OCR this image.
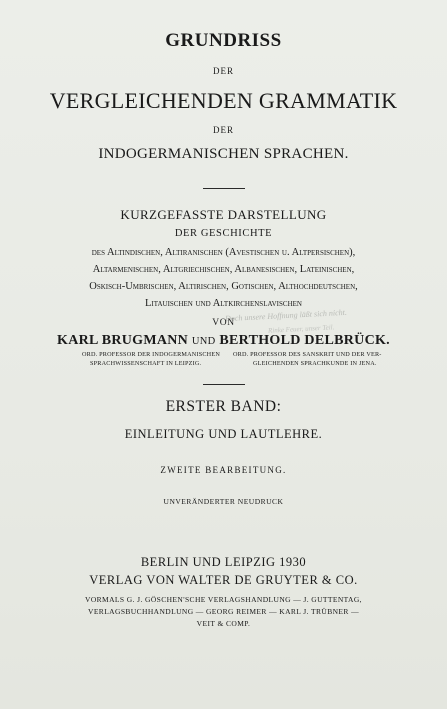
GRUNDRISS
DER
VERGLEICHENDEN GRAMMATIK
DER
INDOGERMANISCHEN SPRACHEN.
KURZGEFASSTE DARSTELLUNG
DER GESCHICHTE
des Altindischen, Altiranischen (Avestischen u. Altpersischen),
Altarmenischen, Altgriechischen, Albanesischen, Lateinischen,
Oskisch-Umbrischen, Altirischen, Gotischen, Althochdeutschen,
Litauischen und Altkirchenslavischen
Doch unsere Hoffnung läßt sich nicht.
Rinke Feuer, unser Teil.
VON
KARL BRUGMANN UND BERTHOLD DELBRÜCK.
ORD. PROFESSOR DER INDOGERMANISCHEN
SPRACHWISSENSCHAFT IN LEIPZIG.
ORD. PROFESSOR DES SANSKRIT UND DER VER-
GLEICHENDEN SPRACHKUNDE IN JENA.
ERSTER BAND:
EINLEITUNG UND LAUTLEHRE.
ZWEITE BEARBEITUNG.
UNVERÄNDERTER NEUDRUCK
BERLIN UND LEIPZIG 1930
VERLAG VON WALTER DE GRUYTER & CO.
VORMALS G. J. GÖSCHEN'SCHE VERLAGSHANDLUNG — J. GUTTENTAG,
VERLAGSBUCHHANDLUNG — GEORG REIMER — KARL J. TRÜBNER —
VEIT & COMP.
